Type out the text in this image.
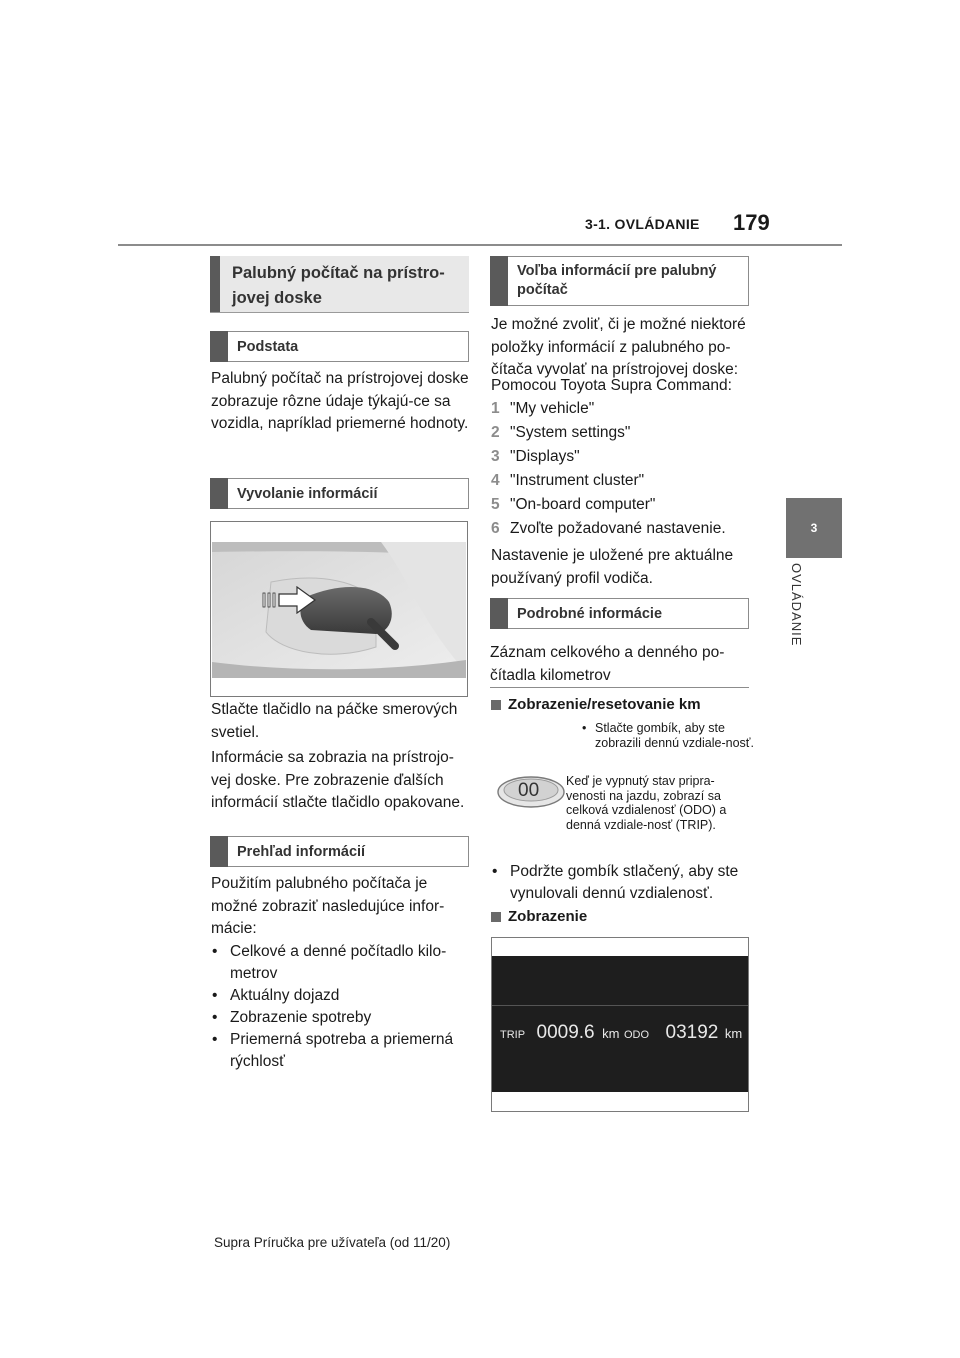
3-1. OVLÁDANIE 179
3
OVLÁDANIE
Palubný počítač na prístro-
jovej doske
Podstata
Palubný počítač na prístrojovej doske zobrazuje rôzne údaje týkajú-ce sa vozidla, napríklad priemerné hodnoty.
Vyvolanie informácií
Stlačte tlačidlo na páčke smerových svetiel.
Informácie sa zobrazia na prístrojo-vej doske. Pre zobrazenie ďalších informácií stlačte tlačidlo opakovane.
Prehľad informácií
Použitím palubného počítača je možné zobraziť nasledujúce infor-mácie:
• Celkové a denné počítadlo kilo-metrov
• Aktuálny dojazd
• Zobrazenie spotreby
• Priemerná spotreba a priemerná rýchlosť
Voľba informácií pre palubný
počítač
Je možné zvoliť, či je možné niektoré položky informácií z palubného po-čítača vyvolať na prístrojovej doske:
Pomocou Toyota Supra Command:
1 "My vehicle"
2 "System settings"
3 "Displays"
4 "Instrument cluster"
5 "On-board computer"
6 Zvoľte požadované nastavenie.
Nastavenie je uložené pre aktuálne používaný profil vodiča.
Podrobné informácie
Záznam celkového a denného po-čítadla kilometrov
Zobrazenie/resetovanie km
• Stlačte gombík, aby ste zobrazili dennú vzdiale-nosť.
00 Keď je vypnutý stav pripra-venosti na jazdu, zobrazí sa celková vzdialenosť (ODO) a denná vzdiale-nosť (TRIP).
• Podržte gombík stlačený, aby ste vynulovali dennú vzdialenosť.
Zobrazenie
TRIP 0009.6 km ODO 03192 km
Supra Príručka pre užívateľa (od 11/20)
